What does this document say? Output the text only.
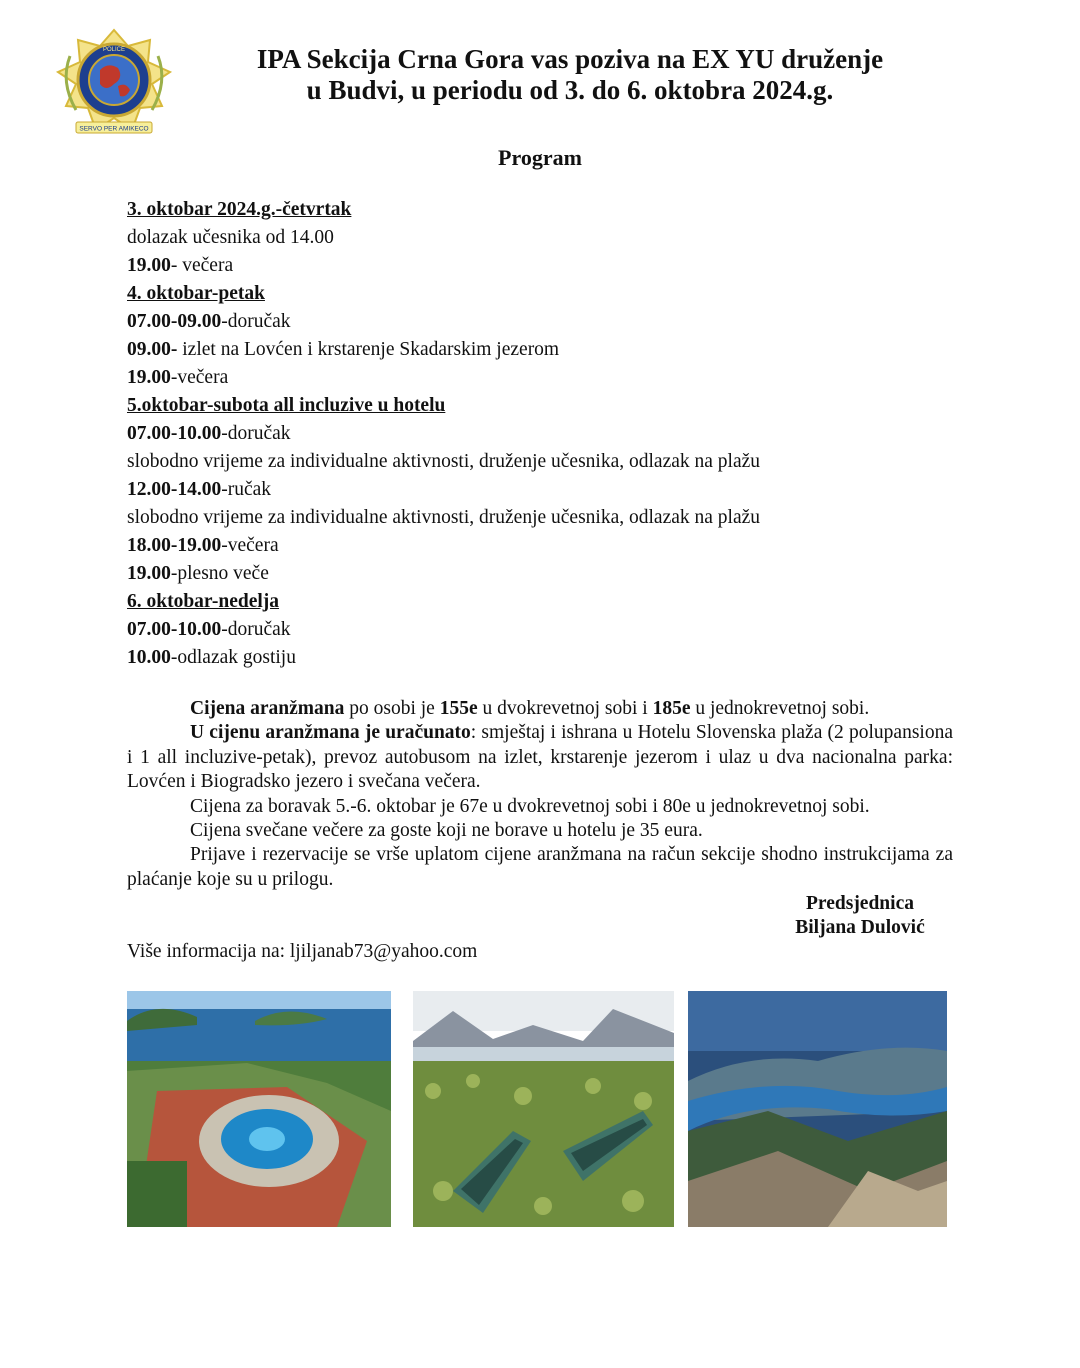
SERVO PER AMIKECO
POLICE	IPA Sekcija Crna Gora vas poziva na EX YU druženje
u Budvi, u periodu od 3. do 6. oktobra 2024.g.
Program
3. oktobar 2024.g.-četvrtak
dolazak učesnika od 14.00
19.00- večera
4. oktobar-petak
07.00-09.00-doručak
09.00- izlet na Lovćen i krstarenje Skadarskim jezerom
19.00-večera
5.oktobar-subota all incluzive u hotelu
07.00-10.00-doručak
slobodno vrijeme za individualne aktivnosti, druženje učesnika, odlazak na plažu
12.00-14.00-ručak
slobodno vrijeme za individualne aktivnosti, druženje učesnika, odlazak na plažu
18.00-19.00-večera
19.00-plesno veče
6. oktobar-nedelja
07.00-10.00-doručak
10.00-odlazak gostiju

Cijena aranžmana po osobi je 155e u dvokrevetnoj sobi i 185e u jednokrevetnoj sobi.

U cijenu aranžmana je uračunato: smještaj i ishrana u Hotelu Slovenska plaža (2 polupansiona i 1 all incluzive-petak), prevoz autobusom na izlet, krstarenje jezerom i ulaz u dva nacionalna parka: Lovćen i Biogradsko jezero i svečana večera.

Cijena za boravak 5.-6. oktobar je 67e u dvokrevetnoj sobi i 80e u jednokrevetnoj sobi.

Cijena svečane večere za goste koji ne borave u hotelu je 35 eura.

Prijave i rezervacije se vrše uplatom cijene aranžmana na račun sekcije shodno instrukcijama za plaćanje koje su u prilogu.

Predsjednica
Biljana Dulović
Više informacija na: ljiljanab73@yahoo.com
